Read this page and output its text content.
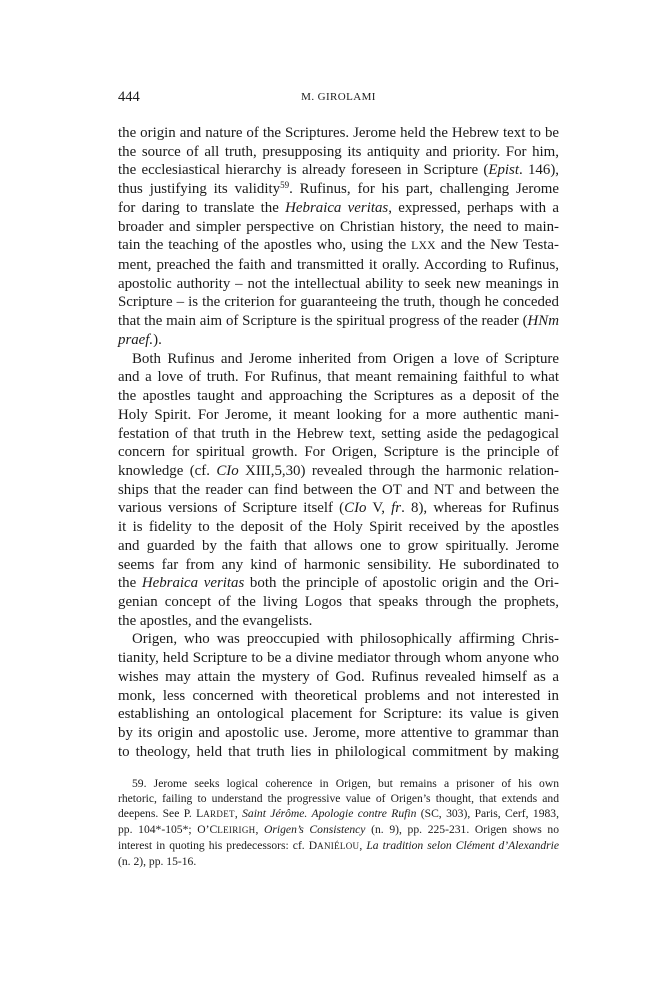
444	M. GIROLAMI

the origin and nature of the Scriptures. Jerome held the Hebrew text to be
the source of all truth, presupposing its antiquity and priority. For him,
the ecclesiastical hierarchy is already foreseen in Scripture (Epist. 146),
thus justifying its validity$^{59}$. Rufinus, for his part, challenging Jerome
for daring to translate the Hebraica veritas, expressed, perhaps with a
broader and simpler perspective on Christian history, the need to main-
tain the teaching of the apostles who, using the LXX and the New Testa-
ment, preached the faith and transmitted it orally. According to Rufinus,
apostolic authority – not the intellectual ability to seek new meanings in
Scripture – is the criterion for guaranteeing the truth, though he conceded
that the main aim of Scripture is the spiritual progress of the reader (HNm
praef.).

Both Rufinus and Jerome inherited from Origen a love of Scripture
and a love of truth. For Rufinus, that meant remaining faithful to what
the apostles taught and approaching the Scriptures as a deposit of the
Holy Spirit. For Jerome, it meant looking for a more authentic mani-
festation of that truth in the Hebrew text, setting aside the pedagogical
concern for spiritual growth. For Origen, Scripture is the principle of
knowledge (cf. CIo XIII,5,30) revealed through the harmonic relation-
ships that the reader can find between the OT and NT and between the
various versions of Scripture itself (CIo V, fr. 8), whereas for Rufinus
it is fidelity to the deposit of the Holy Spirit received by the apostles
and guarded by the faith that allows one to grow spiritually. Jerome
seems far from any kind of harmonic sensibility. He subordinated to
the Hebraica veritas both the principle of apostolic origin and the Ori-
genian concept of the living Logos that speaks through the prophets,
the apostles, and the evangelists.

Origen, who was preoccupied with philosophically affirming Chris-
tianity, held Scripture to be a divine mediator through whom anyone who
wishes may attain the mystery of God. Rufinus revealed himself as a
monk, less concerned with theoretical problems and not interested in
establishing an ontological placement for Scripture: its value is given
by its origin and apostolic use. Jerome, more attentive to grammar than
to theology, held that truth lies in philological commitment by making

59. Jerome seeks logical coherence in Origen, but remains a prisoner of his own
rhetoric, failing to understand the progressive value of Origen’s thought, that extends and
deepens. See P. LARDET, Saint Jérôme. Apologie contre Rufin (SC, 303), Paris, Cerf, 1983,
pp. 104*-105*; O’CLEIRIGH, Origen’s Consistency (n. 9), pp. 225-231. Origen shows no
interest in quoting his predecessors: cf. DANIÉLOU, La tradition selon Clément d’Alexandrie
(n. 2), pp. 15-16.
